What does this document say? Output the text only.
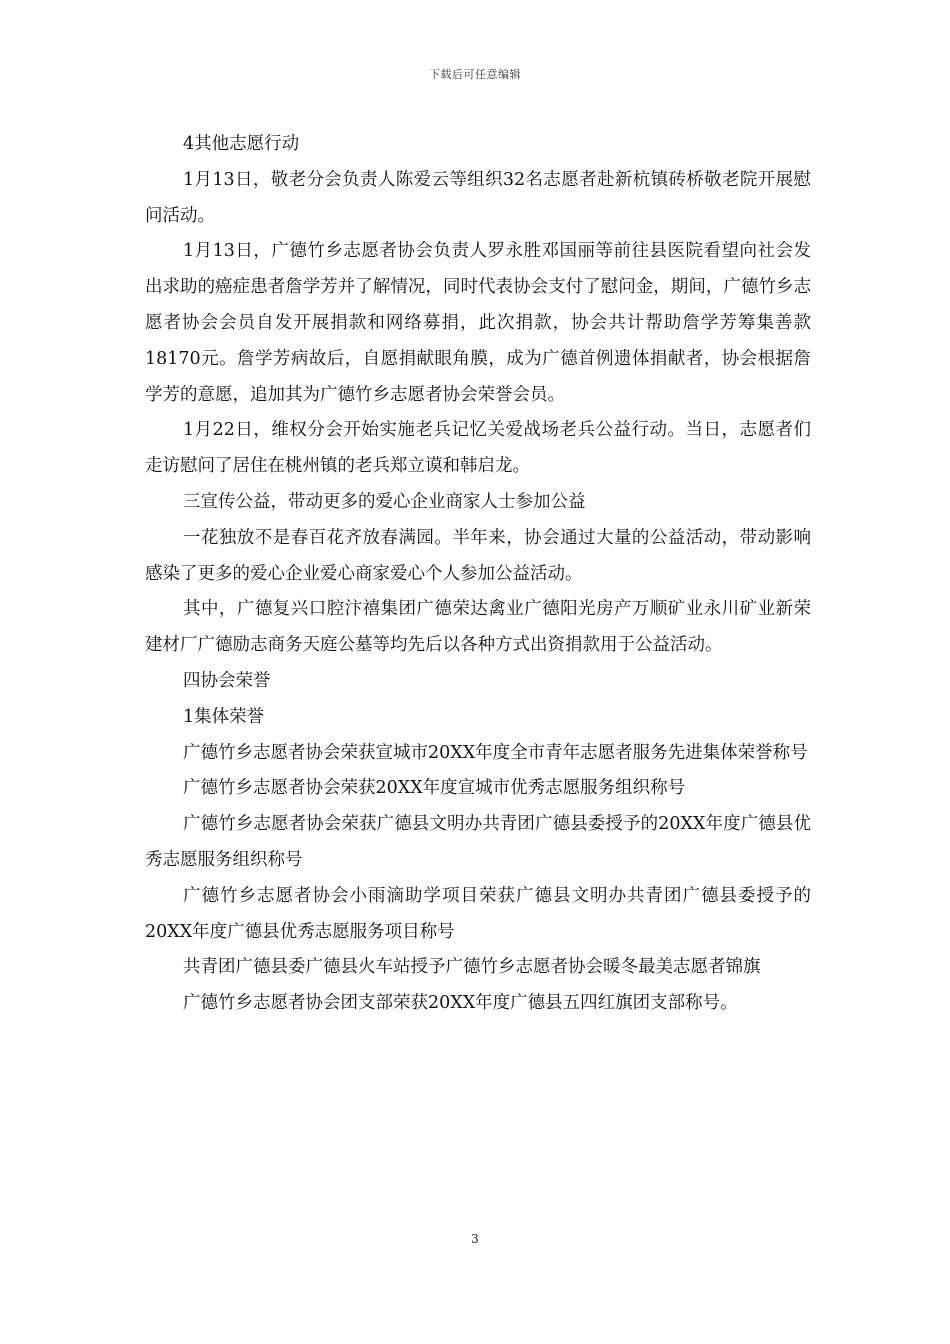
下载后可任意编辑

4其他志愿行动

1月13日，敬老分会负责人陈爱云等组织32名志愿者赴新杭镇砖桥敬老院开展慰问活动。

1月13日，广德竹乡志愿者协会负责人罗永胜邓国丽等前往县医院看望向社会发出求助的癌症患者詹学芳并了解情况，同时代表协会支付了慰问金，期间，广德竹乡志愿者协会会员自发开展捐款和网络募捐，此次捐款，协会共计帮助詹学芳筹集善款18170元。詹学芳病故后，自愿捐献眼角膜，成为广德首例遗体捐献者，协会根据詹学芳的意愿，追加其为广德竹乡志愿者协会荣誉会员。

1月22日，维权分会开始实施老兵记忆关爱战场老兵公益行动。当日，志愿者们走访慰问了居住在桃州镇的老兵郑立谟和韩启龙。

三宣传公益，带动更多的爱心企业商家人士参加公益

一花独放不是春百花齐放春满园。半年来，协会通过大量的公益活动，带动影响感染了更多的爱心企业爱心商家爱心个人参加公益活动。

其中，广德复兴口腔汴禧集团广德荣达禽业广德阳光房产万顺矿业永川矿业新荣建材厂广德励志商务天庭公墓等均先后以各种方式出资捐款用于公益活动。

四协会荣誉

1集体荣誉

广德竹乡志愿者协会荣获宣城市20XX年度全市青年志愿者服务先进集体荣誉称号

广德竹乡志愿者协会荣获20XX年度宣城市优秀志愿服务组织称号

广德竹乡志愿者协会荣获广德县文明办共青团广德县委授予的20XX年度广德县优秀志愿服务组织称号

广德竹乡志愿者协会小雨滴助学项目荣获广德县文明办共青团广德县委授予的20XX年度广德县优秀志愿服务项目称号

共青团广德县委广德县火车站授予广德竹乡志愿者协会暖冬最美志愿者锦旗

广德竹乡志愿者协会团支部荣获20XX年度广德县五四红旗团支部称号。

3
